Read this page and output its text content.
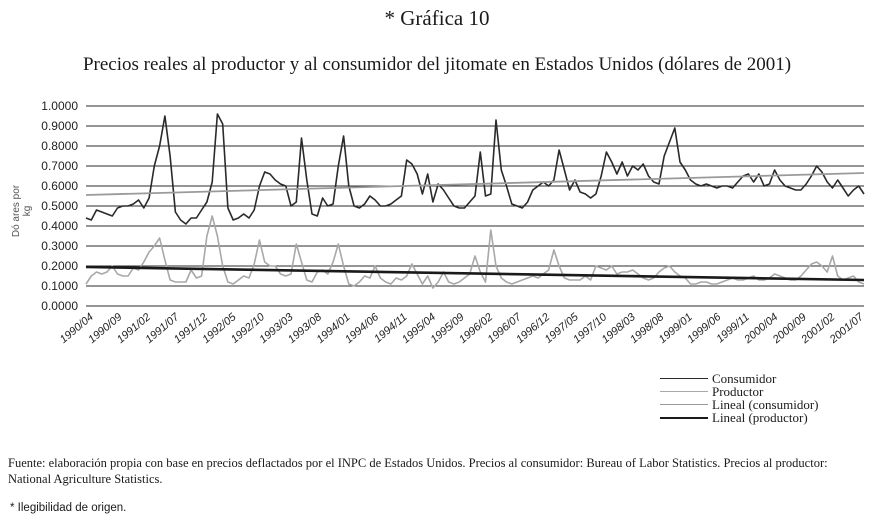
* Gráfica 10
Precios reales al productor y al consumidor del jitomate en Estados Unidos (dólares de 2001)
Dó ares por kg
0.0000
0.1000
0.2000
0.3000
0.4000
0.5000
0.6000
0.7000
0.8000
0.9000
1.0000
1990/04
1990/09
1991/02
1991/07
1991/12
1992/05
1992/10
1993/03
1993/08
1994/01
1994/06
1994/11
1995/04
1995/09
1996/02
1996/07
1996/12
1997/05
1997/10
1998/03
1998/08
1999/01
1999/06
1999/11
2000/04
2000/09
2001/02
2001/07
Consumidor
Productor
Lineal (consumidor)
Lineal (productor)
Fuente: elaboración propia con base en precios deflactados por el INPC de Estados Unidos. Precios al consumidor: Bureau of Labor Statistics. Precios al productor: National Agriculture Statistics.
* Ilegibilidad de origen.
